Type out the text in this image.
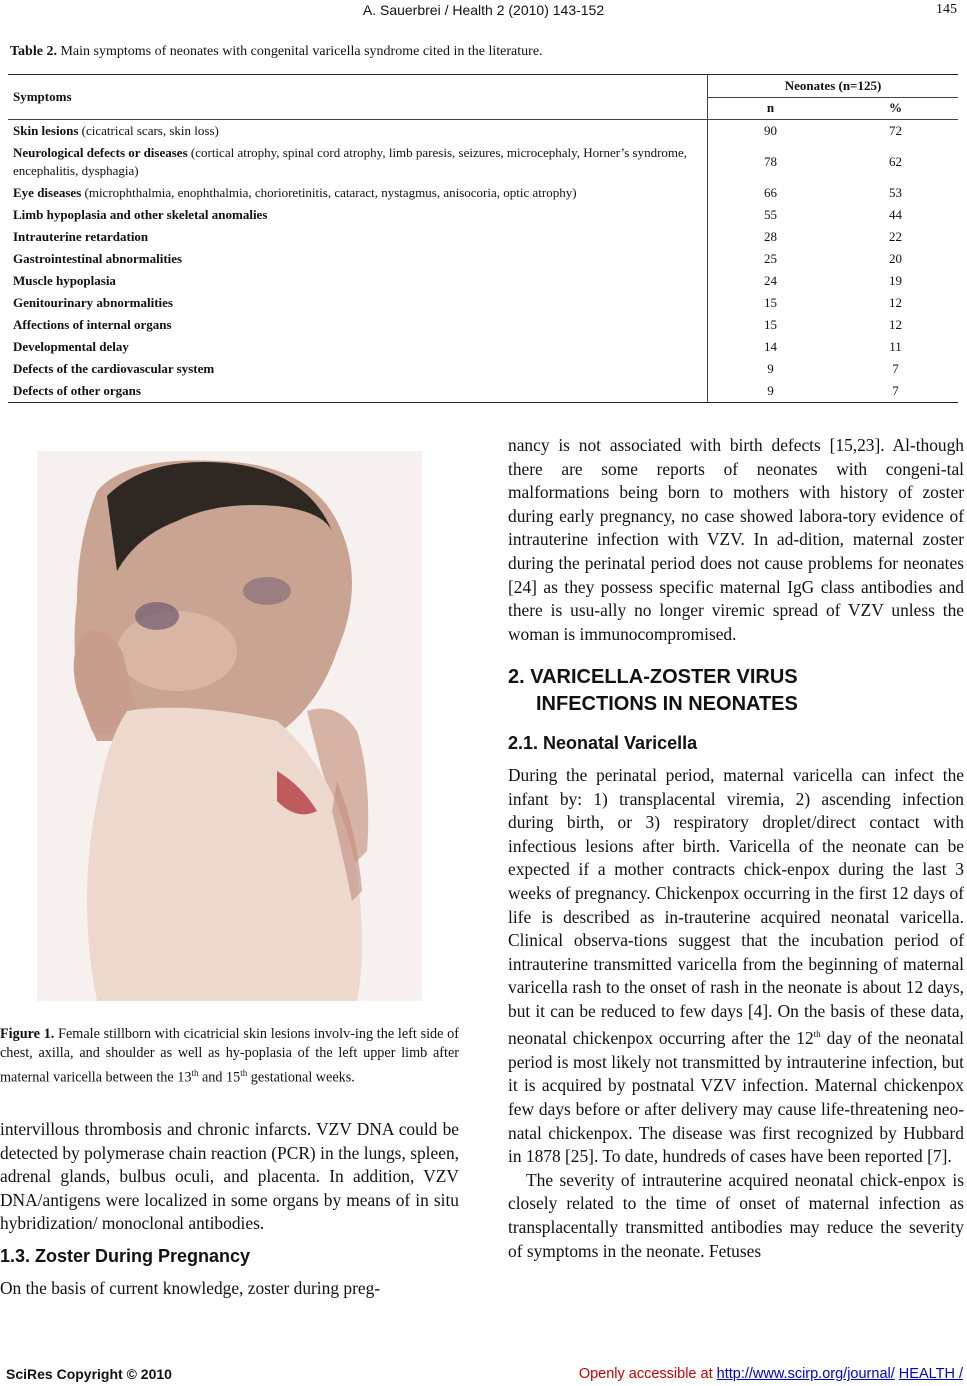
A. Sauerbrei / Health 2 (2010) 143-152	145
Table 2. Main symptoms of neonates with congenital varicella syndrome cited in the literature.
Symptoms	Neonates (n=125)	
	n	%
Skin lesions (cicatrical scars, skin loss)	90	72
Neurological defects or diseases (cortical atrophy, spinal cord atrophy, limb paresis, seizures, microcephaly, Horner’s syndrome, encephalitis, dysphagia)	78	62
Eye diseases (microphthalmia, enophthalmia, chorioretinitis, cataract, nystagmus, anisocoria, optic atrophy)	66	53
Limb hypoplasia and other skeletal anomalies	55	44
Intrauterine retardation	28	22
Gastrointestinal abnormalities	25	20
Muscle hypoplasia	24	19
Genitourinary abnormalities	15	12
Affections of internal organs	15	12
Developmental delay	14	11
Defects of the cardiovascular system	9	7
Defects of other organs	9	7
Figure 1. Female stillborn with cicatricial skin lesions involv-ing the left side of chest, axilla, and shoulder as well as hy-poplasia of the left upper limb after maternal varicella between the 13th and 15th gestational weeks.

intervillous thrombosis and chronic infarcts. VZV DNA could be detected by polymerase chain reaction (PCR) in the lungs, spleen, adrenal glands, bulbus oculi, and placenta. In addition, VZV DNA/antigens were localized in some organs by means of in situ hybridization/ monoclonal antibodies.

1.3. Zoster During Pregnancy

On the basis of current knowledge, zoster during preg-

nancy is not associated with birth defects [15,23]. Al-though there are some reports of neonates with congeni-tal malformations being born to mothers with history of zoster during early pregnancy, no case showed labora-tory evidence of intrauterine infection with VZV. In ad-dition, maternal zoster during the perinatal period does not cause problems for neonates [24] as they possess specific maternal IgG class antibodies and there is usu-ally no longer viremic spread of VZV unless the woman is immunocompromised.

2. VARICELLA-ZOSTER VIRUS

INFECTIONS IN NEONATES

2.1. Neonatal Varicella

During the perinatal period, maternal varicella can infect the infant by: 1) transplacental viremia, 2) ascending infection during birth, or 3) respiratory droplet/direct contact with infectious lesions after birth. Varicella of the neonate can be expected if a mother contracts chick-enpox during the last 3 weeks of pregnancy. Chickenpox occurring in the first 12 days of life is described as in-trauterine acquired neonatal varicella. Clinical observa-tions suggest that the incubation period of intrauterine transmitted varicella from the beginning of maternal varicella rash to the onset of rash in the neonate is about 12 days, but it can be reduced to few days [4]. On the basis of these data, neonatal chickenpox occurring after the 12th day of the neonatal period is most likely not transmitted by intrauterine infection, but it is acquired by postnatal VZV infection. Maternal chickenpox few days before or after delivery may cause life-threatening neo-natal chickenpox. The disease was first recognized by Hubbard in 1878 [25]. To date, hundreds of cases have been reported [7].

The severity of intrauterine acquired neonatal chick-enpox is closely related to the time of onset of maternal infection as transplacentally transmitted antibodies may reduce the severity of symptoms in the neonate. Fetuses

SciRes Copyright © 2010	Openly accessible at http://www.scirp.org/journal/ HEALTH /
